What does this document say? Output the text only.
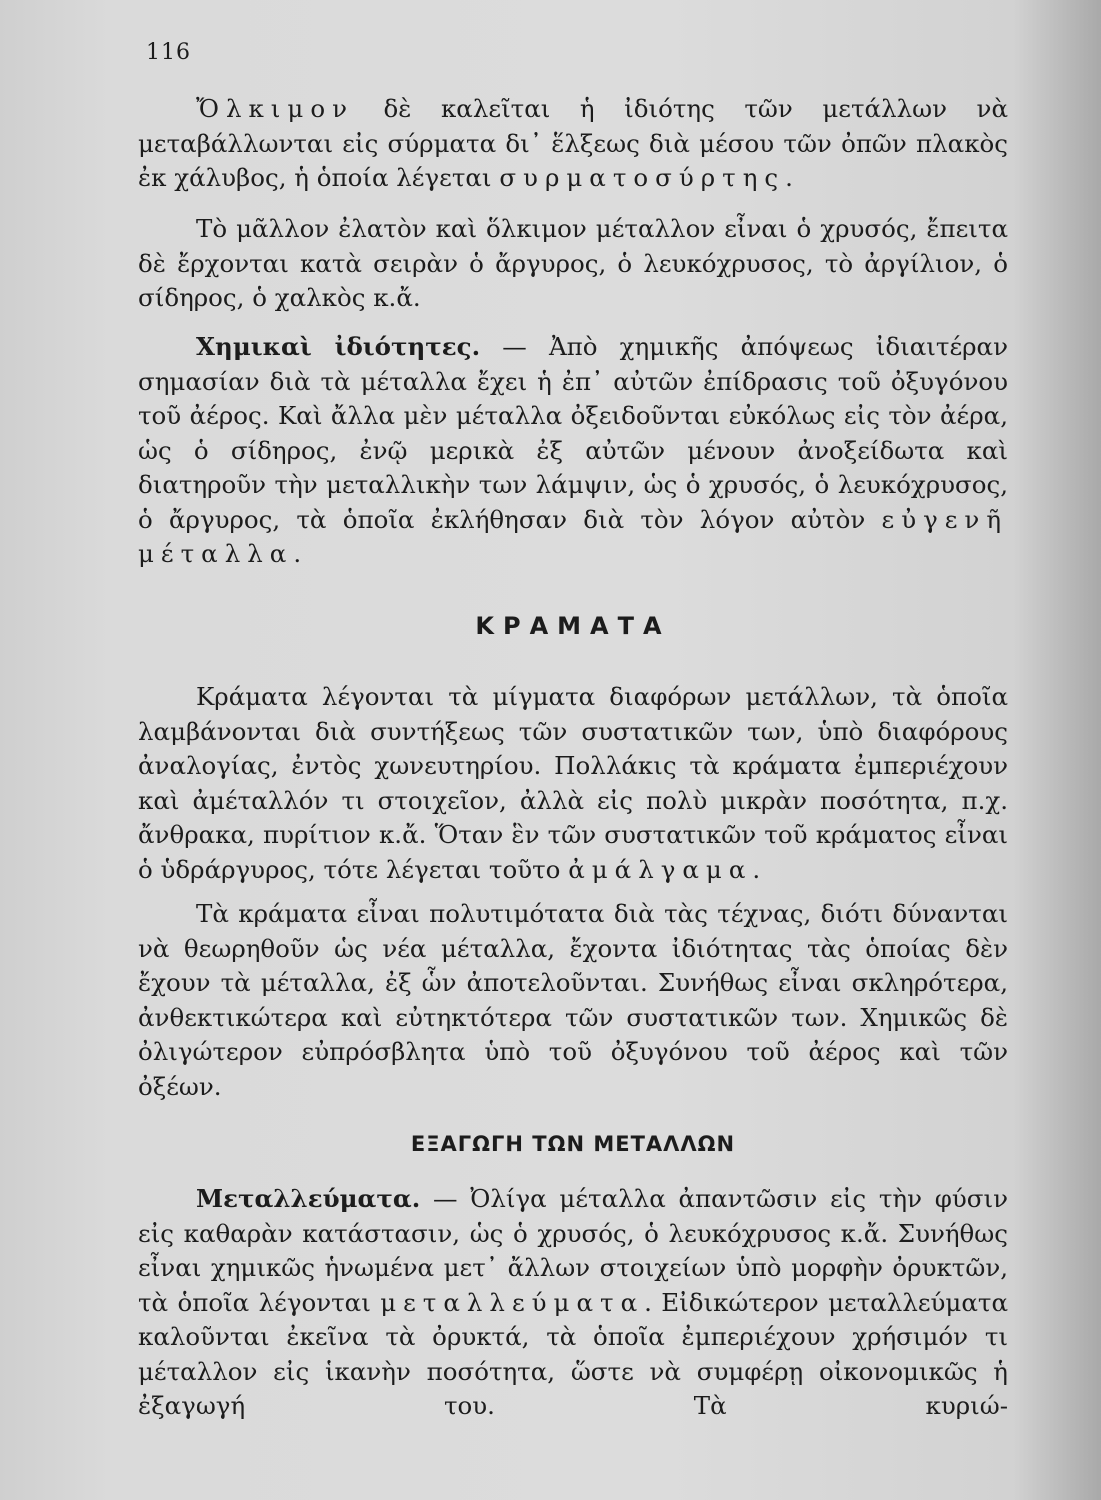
116

Ὄλκιμον δὲ καλεῖται ἡ ἰδιότης τῶν μετάλλων νὰ μεταβάλλωνται εἰς σύρματα δι᾽ ἕλξεως διὰ μέσου τῶν ὀπῶν πλακὸς ἐκ χάλυβος, ἡ ὁποία λέγεται συρματοσύρτης.

Τὸ μᾶλλον ἐλατὸν καὶ ὅλκιμον μέταλλον εἶναι ὁ χρυσός, ἔπειτα δὲ ἔρχονται κατὰ σειρὰν ὁ ἄργυρος, ὁ λευκόχρυσος, τὸ ἀργίλιον, ὁ σίδηρος, ὁ χαλκὸς κ.ἄ.

Χημικαὶ ἰδιότητες. — Ἀπὸ χημικῆς ἀπόψεως ἰδιαιτέραν σημασίαν διὰ τὰ μέταλλα ἔχει ἡ ἐπ᾽ αὐτῶν ἐπίδρασις τοῦ ὀξυγόνου τοῦ ἀέρος. Καὶ ἄλλα μὲν μέταλλα ὀξειδοῦνται εὐκόλως εἰς τὸν ἀέρα, ὡς ὁ σίδηρος, ἐνῷ μερικὰ ἐξ αὐτῶν μένουν ἀνοξείδωτα καὶ διατηροῦν τὴν μεταλλικὴν των λάμψιν, ὡς ὁ χρυσός, ὁ λευκόχρυσος, ὁ ἄργυρος, τὰ ὁποῖα ἐκλήθησαν διὰ τὸν λόγον αὐτὸν εὐγενῆ μέταλλα.

ΚΡΑΜΑΤΑ

Κράματα λέγονται τὰ μίγματα διαφόρων μετάλλων, τὰ ὁποῖα λαμβάνονται διὰ συντήξεως τῶν συστατικῶν των, ὑπὸ διαφόρους ἀναλογίας, ἐντὸς χωνευτηρίου. Πολλάκις τὰ κράματα ἐμπεριέχουν καὶ ἀμέταλλόν τι στοιχεῖον, ἀλλὰ εἰς πολὺ μικρὰν ποσότητα, π.χ. ἄνθρακα, πυρίτιον κ.ἄ. Ὅταν ἓν τῶν συστατικῶν τοῦ κράματος εἶναι ὁ ὑδράργυρος, τότε λέγεται τοῦτο ἀμάλγαμα.

Τὰ κράματα εἶναι πολυτιμότατα διὰ τὰς τέχνας, διότι δύνανται νὰ θεωρηθοῦν ὡς νέα μέταλλα, ἔχοντα ἰδιότητας τὰς ὁποίας δὲν ἔχουν τὰ μέταλλα, ἐξ ὧν ἀποτελοῦνται. Συνήθως εἶναι σκληρότερα, ἀνθεκτικώτερα καὶ εὐτηκτότερα τῶν συστατικῶν των. Χημικῶς δὲ ὀλιγώτερον εὐπρόσβλητα ὑπὸ τοῦ ὀξυγόνου τοῦ ἀέρος καὶ τῶν ὀξέων.

ΕΞΑΓΩΓΗ ΤΩΝ ΜΕΤΑΛΛΩΝ

Μεταλλεύματα. — Ὀλίγα μέταλλα ἀπαντῶσιν εἰς τὴν φύσιν εἰς καθαρὰν κατάστασιν, ὡς ὁ χρυσός, ὁ λευκόχρυσος κ.ἄ. Συνήθως εἶναι χημικῶς ἡνωμένα μετ᾽ ἄλλων στοιχείων ὑπὸ μορφὴν ὀρυκτῶν, τὰ ὁποῖα λέγονται μεταλλεύματα. Εἰδικώτερον μεταλλεύματα καλοῦνται ἐκεῖνα τὰ ὀρυκτά, τὰ ὁποῖα ἐμπεριέχουν χρήσιμόν τι μέταλλον εἰς ἱκανὴν ποσότητα, ὥστε νὰ συμφέρῃ οἰκονομικῶς ἡ ἐξαγωγή του. Τὰ κυριώ-
